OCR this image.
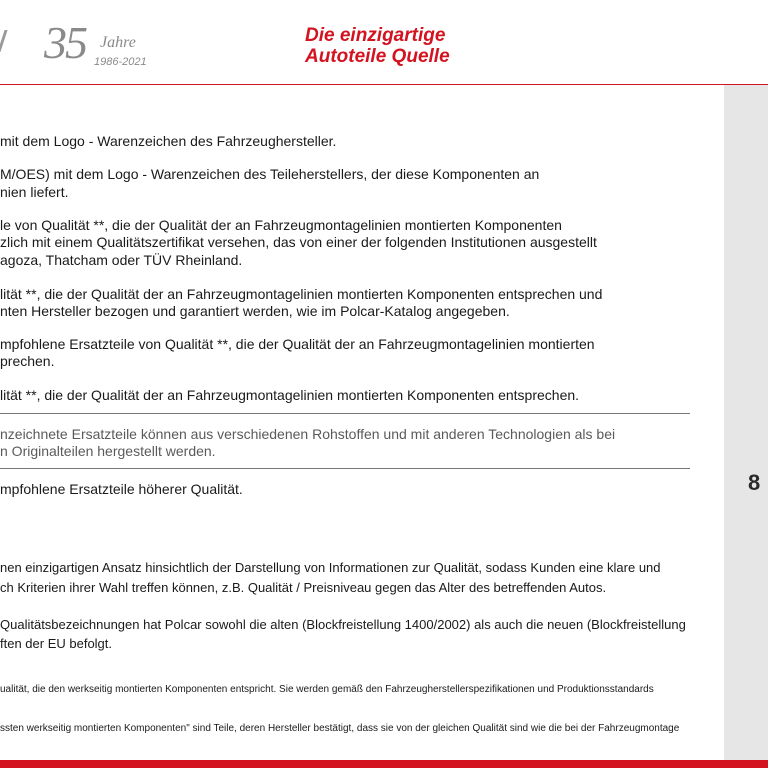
35 Jahre
1986-2021
Die einzigartige
Autoteile Quelle
8
mit dem Logo - Warenzeichen des Fahrzeughersteller.
M/OES) mit dem Logo - Warenzeichen des Teileherstellers, der diese Komponenten an
nien liefert.
le von Qualität **, die der Qualität der an Fahrzeugmontagelinien montierten Komponenten
zlich mit einem Qualitätszertifikat versehen, das von einer der folgenden Institutionen ausgestellt
agoza, Thatcham oder TÜV Rheinland.
lität **, die der Qualität der an Fahrzeugmontagelinien montierten Komponenten entsprechen und
nten Hersteller bezogen und garantiert werden, wie im Polcar-Katalog angegeben.
mpfohlene Ersatzteile von Qualität **, die der Qualität der an Fahrzeugmontagelinien montierten
prechen.
lität **, die der Qualität der an Fahrzeugmontagelinien montierten Komponenten entsprechen.
nzeichnete Ersatzteile können aus verschiedenen Rohstoffen und mit anderen Technologien als bei
n Originalteilen hergestellt werden.
mpfohlene Ersatzteile höherer Qualität.
nen einzigartigen Ansatz hinsichtlich der Darstellung von Informationen zur Qualität, sodass Kunden eine klare und
ch Kriterien ihrer Wahl treffen können, z.B. Qualität / Preisniveau gegen das Alter des betreffenden Autos.
Qualitätsbezeichnungen hat Polcar sowohl die alten (Blockfreistellung 1400/2002) als auch die neuen (Blockfreistellung
ften der EU befolgt.
ualität, die den werkseitig montierten Komponenten entspricht. Sie werden gemäß den Fahrzeugherstellerspezifikationen und Produktionsstandards
ssten werkseitig montierten Komponenten" sind Teile, deren Hersteller bestätigt, dass sie von der gleichen Qualität sind wie die bei der Fahrzeugmontage
